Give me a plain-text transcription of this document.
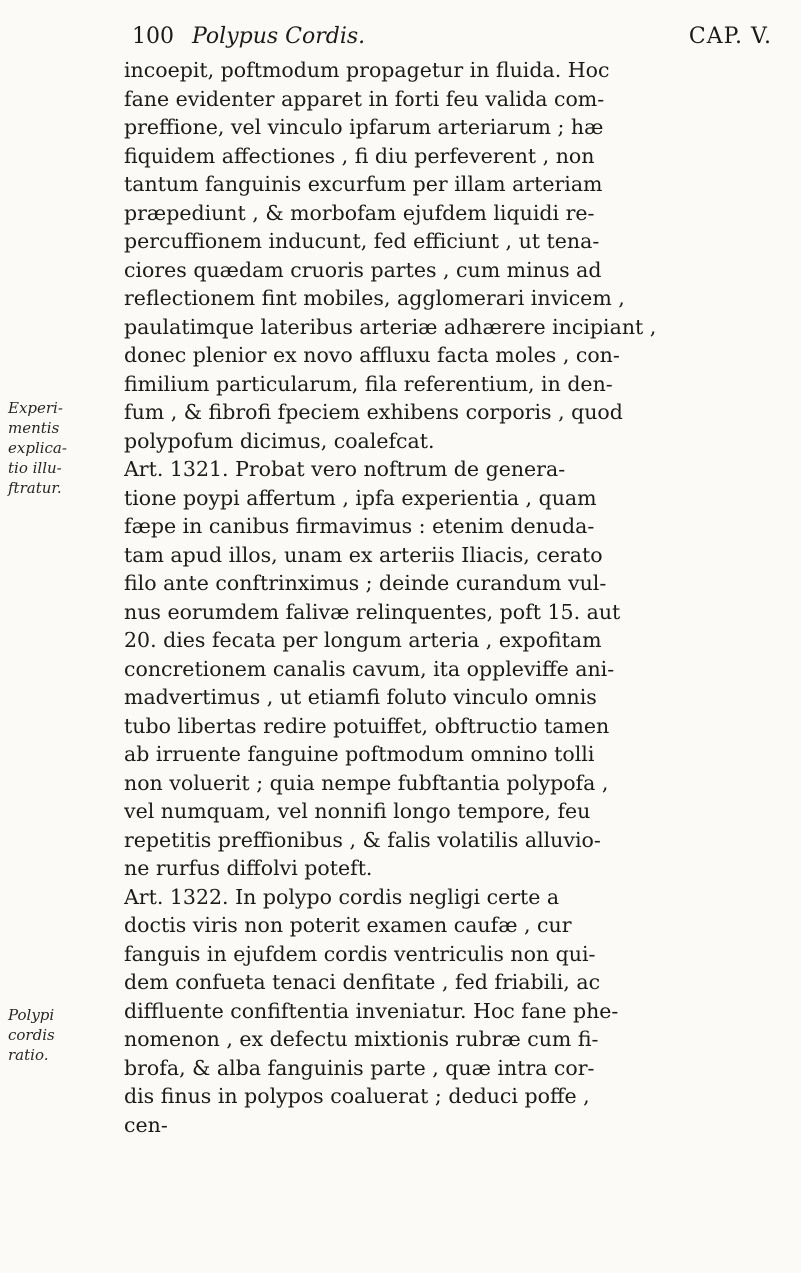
100 Polypus Cordis.	CAP. V.
Experi-
mentis
explica-
tio illu-
ftratur.
Polypi
cordis
ratio.
incoepit, poftmodum propagetur in fluida. Hoc
fane evidenter apparet in forti feu valida com-
preffione, vel vinculo ipfarum arteriarum ; hæ
fiquidem affectiones , fi diu perfeverent , non
tantum fanguinis excurfum per illam arteriam
præpediunt , & morbofam ejufdem liquidi re-
percuffionem inducunt, fed efficiunt , ut tena-
ciores quædam cruoris partes , cum minus ad
reflectionem fint mobiles, agglomerari invicem ,
paulatimque lateribus arteriæ adhærere incipiant ,
donec plenior ex novo affluxu facta moles , con-
fimilium particularum, fila referentium, in den-
fum , & fibrofi fpeciem exhibens corporis , quod
polypofum dicimus, coalefcat.
Art. 1321. Probat vero noftrum de genera-
tione poypi affertum , ipfa experientia , quam
fæpe in canibus firmavimus : etenim denuda-
tam apud illos, unam ex arteriis Iliacis, cerato
filo ante conftrinximus ; deinde curandum vul-
nus eorumdem falivæ relinquentes, poft 15. aut
20. dies fecata per longum arteria , expofitam
concretionem canalis cavum, ita oppleviffe ani-
madvertimus , ut etiamfi foluto vinculo omnis
tubo libertas redire potuiffet, obftructio tamen
ab irruente fanguine poftmodum omnino tolli
non voluerit ; quia nempe fubftantia polypofa ,
vel numquam, vel nonnifi longo tempore, feu
repetitis preffionibus , & falis volatilis alluvio-
ne rurfus diffolvi poteft.
Art. 1322. In polypo cordis negligi certe a
doctis viris non poterit examen caufæ , cur
fanguis in ejufdem cordis ventriculis non qui-
dem confueta tenaci denfitate , fed friabili, ac
diffluente confiftentia inveniatur. Hoc fane phe-
nomenon , ex defectu mixtionis rubræ cum fi-
brofa, & alba fanguinis parte , quæ intra cor-
dis finus in polypos coaluerat ; deduci poffe ,
cen-
